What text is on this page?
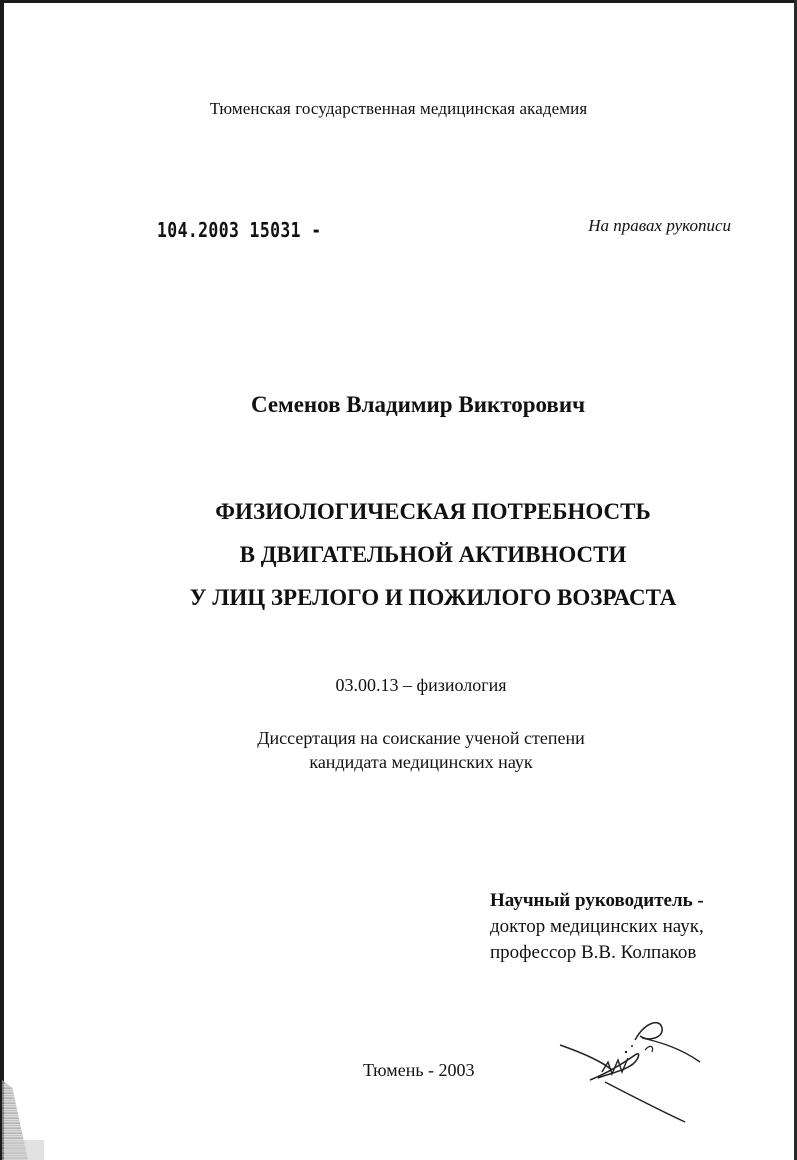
Тюменская государственная медицинская академия
104.2003 15031 -	На правах рукописи
Семенов Владимир Викторович
ФИЗИОЛОГИЧЕСКАЯ ПОТРЕБНОСТЬ
В ДВИГАТЕЛЬНОЙ АКТИВНОСТИ
У ЛИЦ ЗРЕЛОГО И ПОЖИЛОГО ВОЗРАСТА
03.00.13 – физиология
Диссертация на соискание ученой степени
кандидата медицинских наук
Научный руководитель -
доктор медицинских наук,
профессор В.В. Колпаков
Тюмень - 2003
